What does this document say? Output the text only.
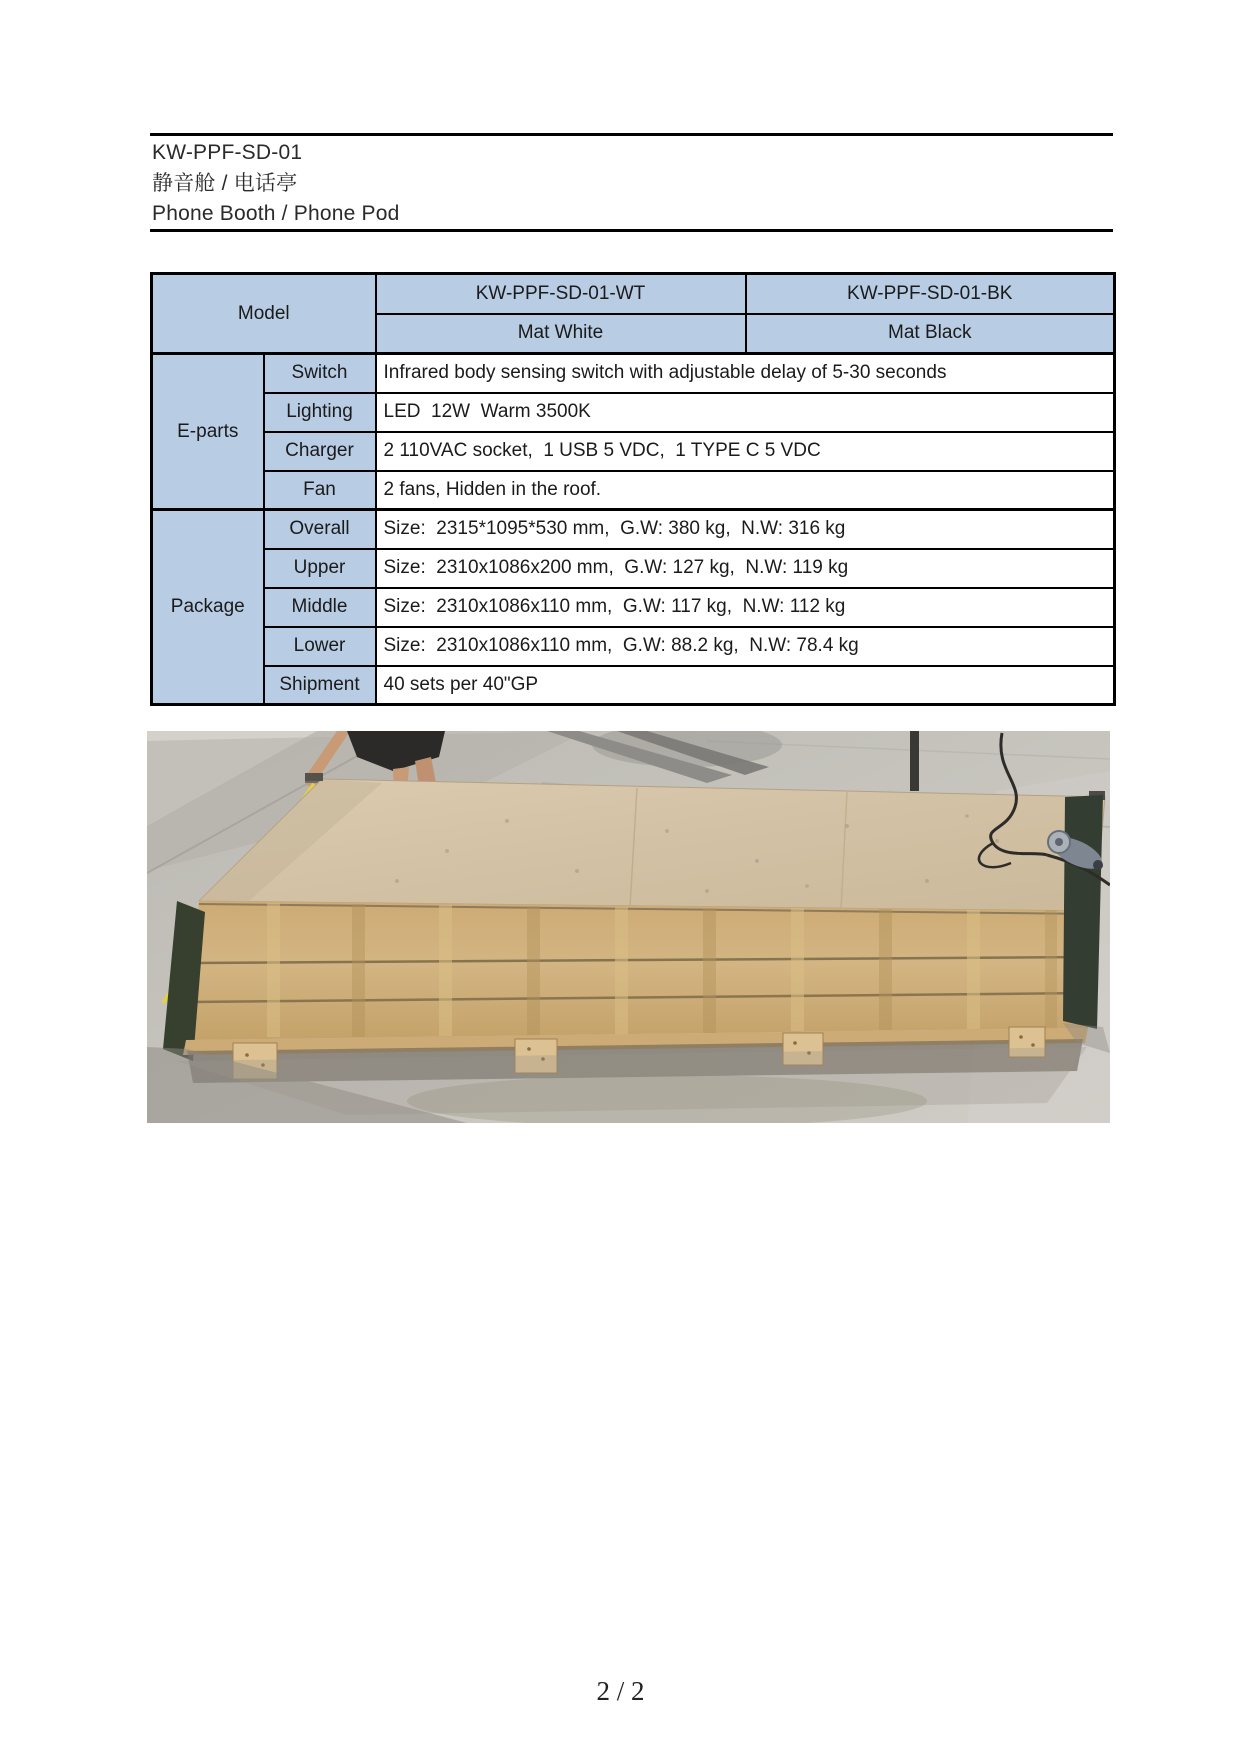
KW-PPF-SD-01
静音舱 / 电话亭
Phone Booth / Phone Pod
Model		KW-PPF-SD-01-WT	KW-PPF-SD-01-BK
		Mat White	Mat Black
E-parts	Switch	Infrared body sensing switch with adjustable delay of 5-30 seconds	
	Lighting	LED  12W  Warm 3500K	
	Charger	2 110VAC socket,  1 USB 5 VDC,  1 TYPE C 5 VDC	
	Fan	2 fans, Hidden in the roof.	
Package	Overall	Size:  2315*1095*530 mm,  G.W: 380 kg,  N.W: 316 kg	
	Upper	Size:  2310x1086x200 mm,  G.W: 127 kg,  N.W: 119 kg	
	Middle	Size:  2310x1086x110 mm,  G.W: 117 kg,  N.W: 112 kg	
	Lower	Size:  2310x1086x110 mm,  G.W: 88.2 kg,  N.W: 78.4 kg	
	Shipment	40 sets per 40"GP	
2 / 2
